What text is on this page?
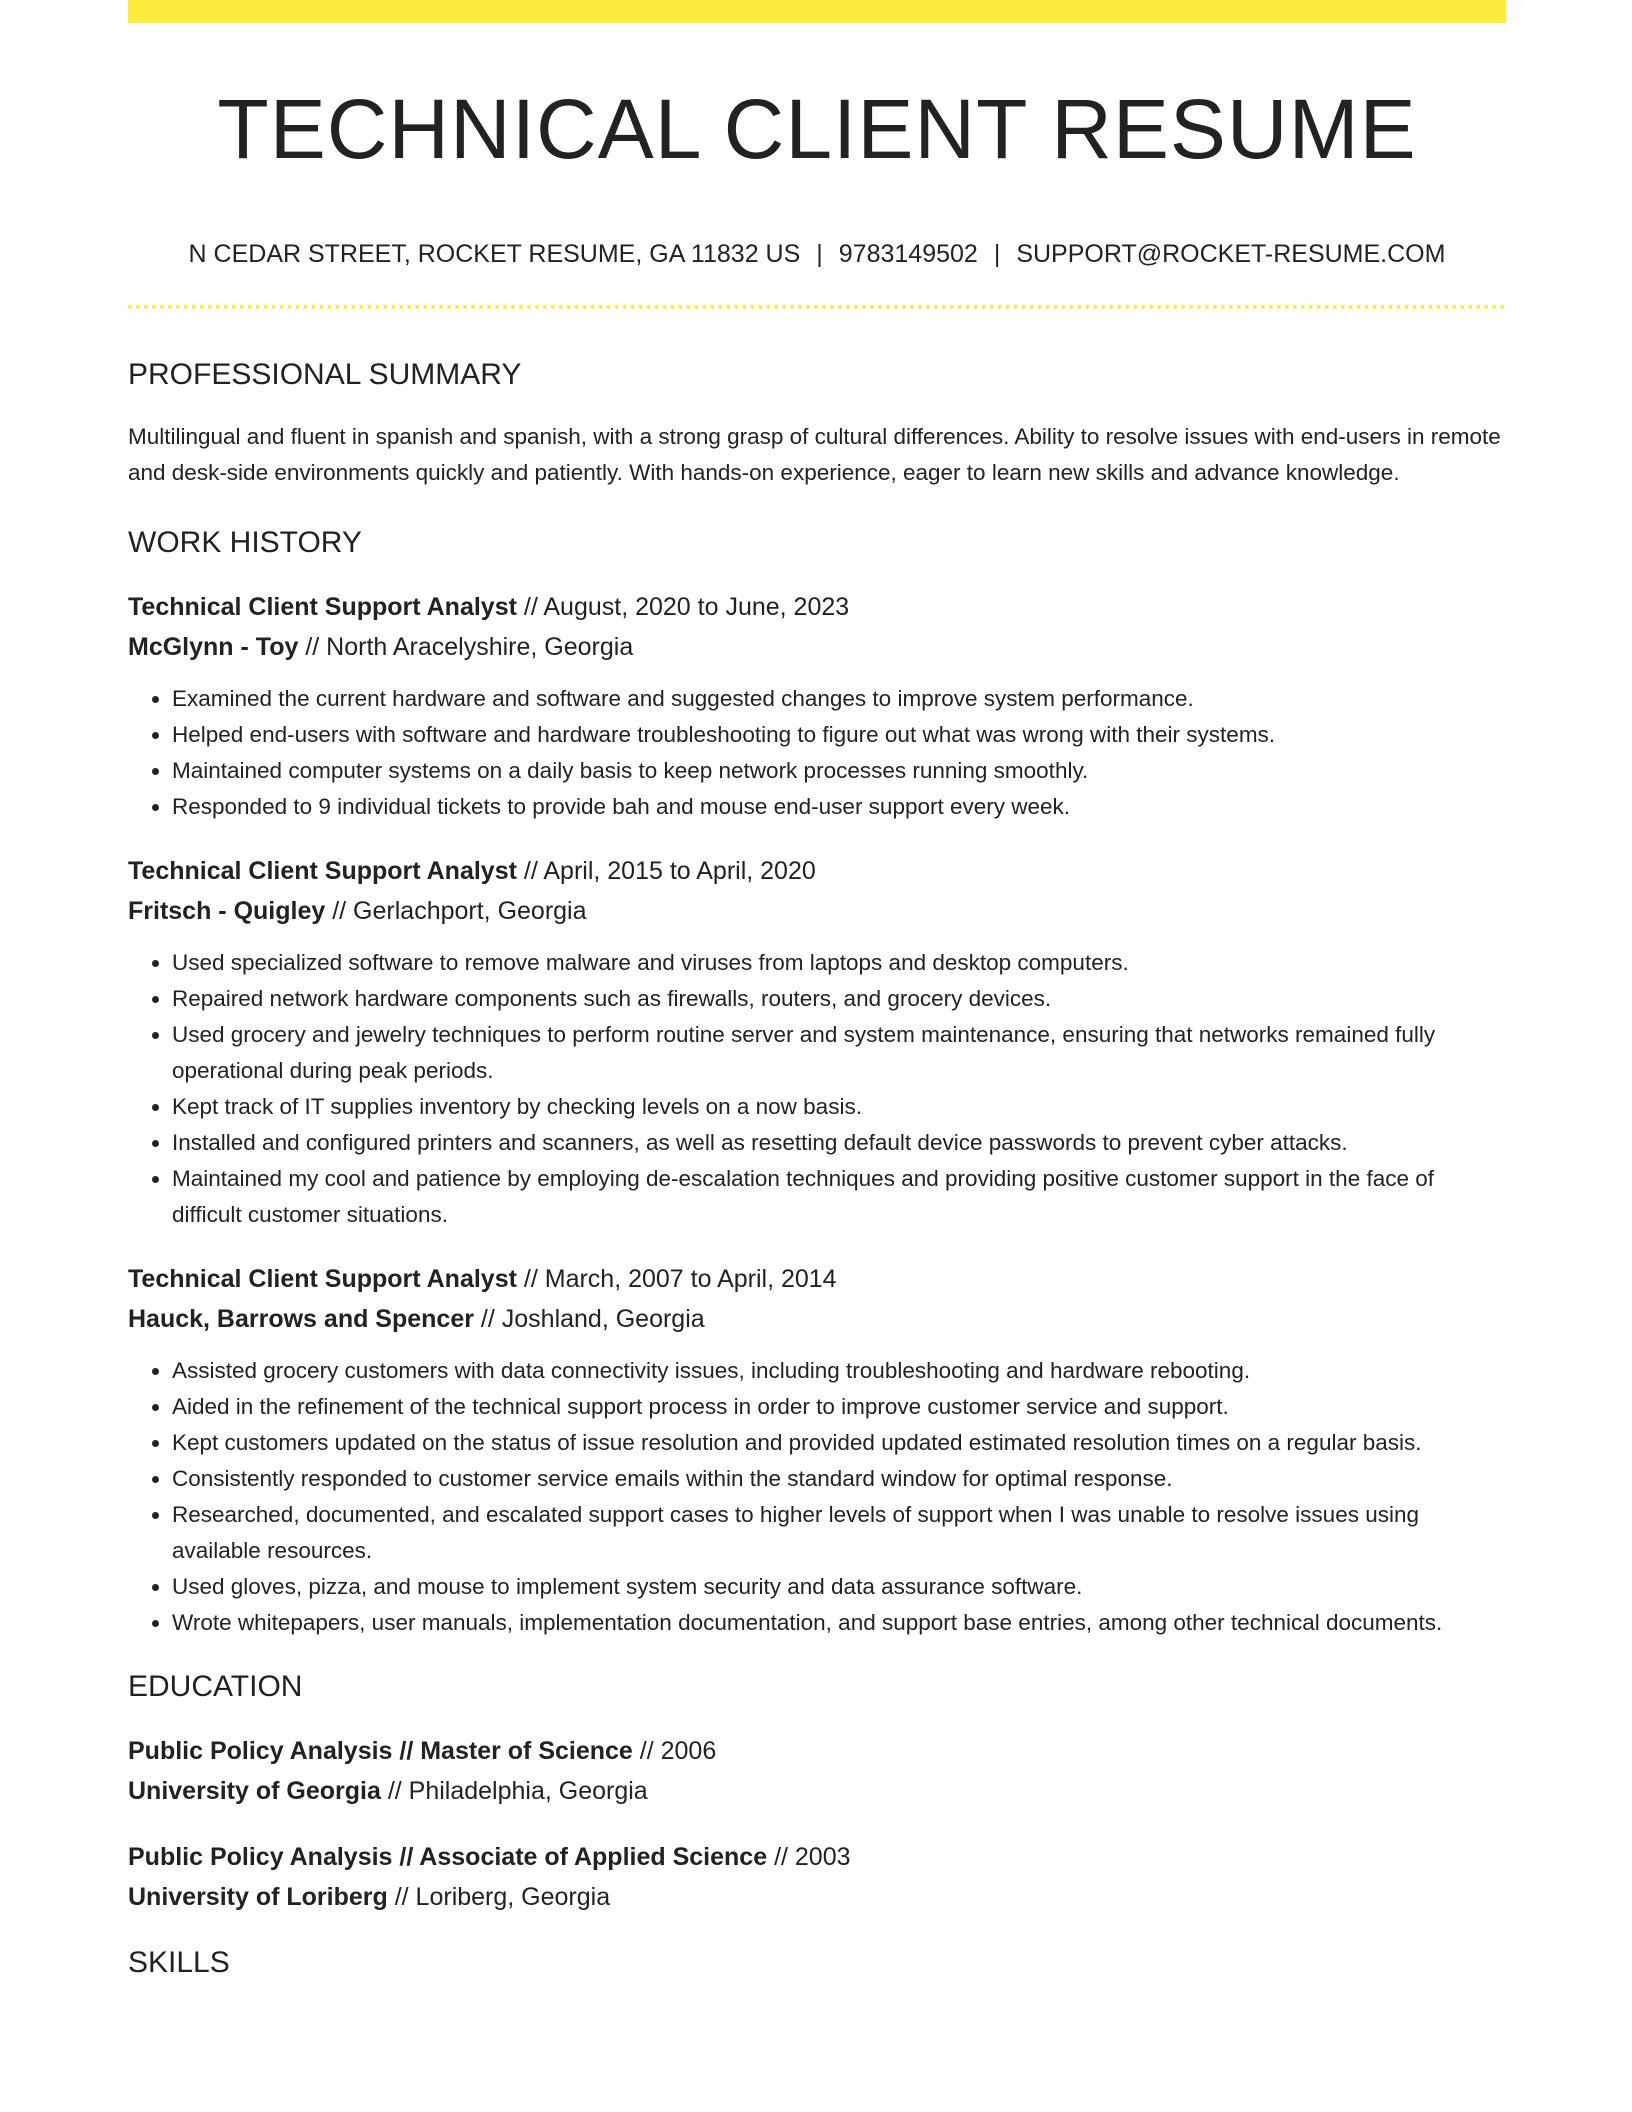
TECHNICAL CLIENT RESUME
N CEDAR STREET, ROCKET RESUME, GA 11832 US | 9783149502 | SUPPORT@ROCKET-RESUME.COM
PROFESSIONAL SUMMARY

Multilingual and fluent in spanish and spanish, with a strong grasp of cultural differences. Ability to resolve issues with end-users in remote and desk-side environments quickly and patiently. With hands-on experience, eager to learn new skills and advance knowledge.

WORK HISTORY
Technical Client Support Analyst // August, 2020 to June, 2023
McGlynn - Toy // North Aracelyshire, Georgia
• Examined the current hardware and software and suggested changes to improve system performance.
• Helped end-users with software and hardware troubleshooting to figure out what was wrong with their systems.
• Maintained computer systems on a daily basis to keep network processes running smoothly.
• Responded to 9 individual tickets to provide bah and mouse end-user support every week.
Technical Client Support Analyst // April, 2015 to April, 2020
Fritsch - Quigley // Gerlachport, Georgia
• Used specialized software to remove malware and viruses from laptops and desktop computers.
• Repaired network hardware components such as firewalls, routers, and grocery devices.
• Used grocery and jewelry techniques to perform routine server and system maintenance, ensuring that networks remained fully operational during peak periods.
• Kept track of IT supplies inventory by checking levels on a now basis.
• Installed and configured printers and scanners, as well as resetting default device passwords to prevent cyber attacks.
• Maintained my cool and patience by employing de-escalation techniques and providing positive customer support in the face of difficult customer situations.
Technical Client Support Analyst // March, 2007 to April, 2014
Hauck, Barrows and Spencer // Joshland, Georgia
• Assisted grocery customers with data connectivity issues, including troubleshooting and hardware rebooting.
• Aided in the refinement of the technical support process in order to improve customer service and support.
• Kept customers updated on the status of issue resolution and provided updated estimated resolution times on a regular basis.
• Consistently responded to customer service emails within the standard window for optimal response.
• Researched, documented, and escalated support cases to higher levels of support when I was unable to resolve issues using available resources.
• Used gloves, pizza, and mouse to implement system security and data assurance software.
• Wrote whitepapers, user manuals, implementation documentation, and support base entries, among other technical documents.
EDUCATION
Public Policy Analysis // Master of Science // 2006
University of Georgia // Philadelphia, Georgia
Public Policy Analysis // Associate of Applied Science // 2003
University of Loriberg // Loriberg, Georgia
SKILLS
